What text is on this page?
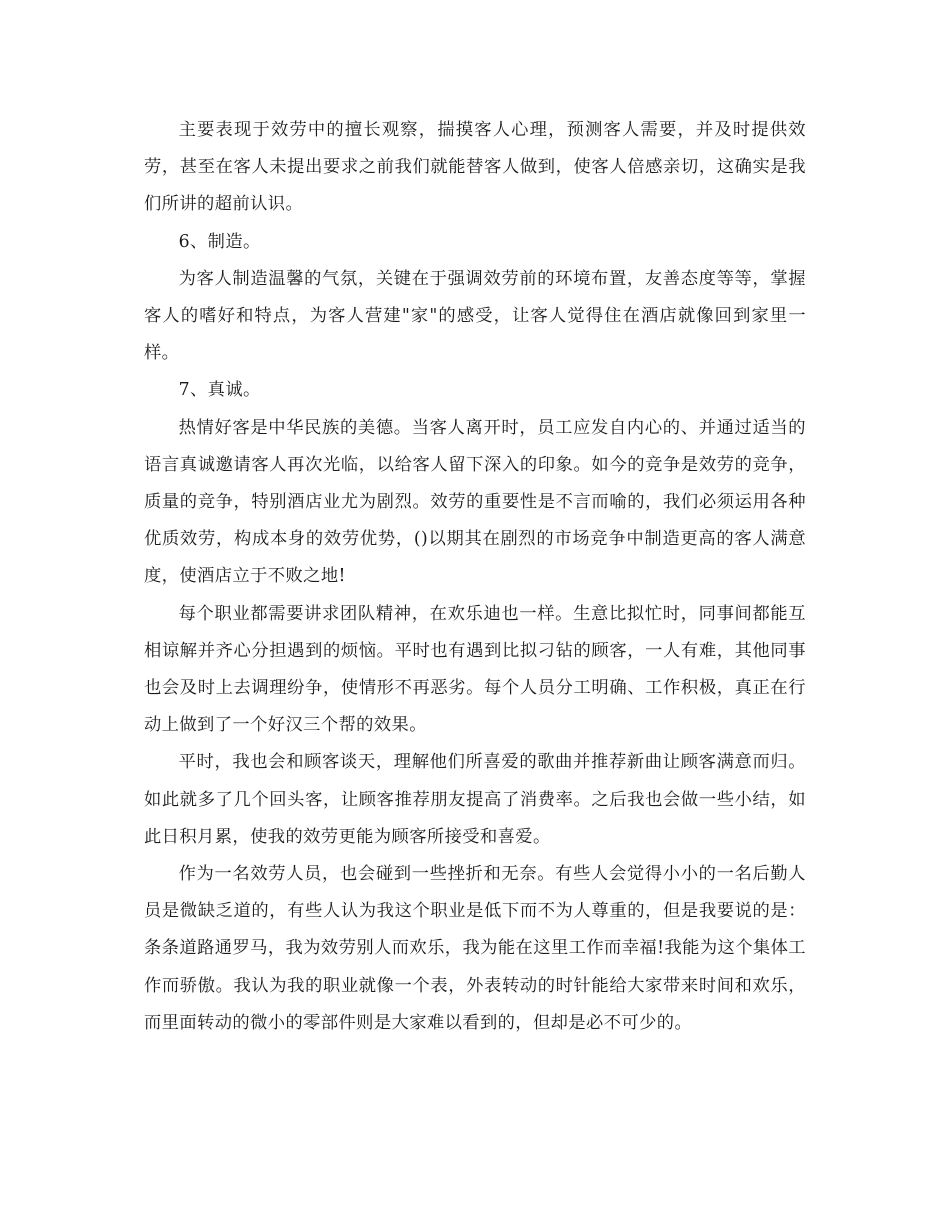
主要表现于效劳中的擅长观察，揣摸客人心理，预测客人需要，并及时提供效劳，甚至在客人未提出要求之前我们就能替客人做到，使客人倍感亲切，这确实是我们所讲的超前认识。

6、制造。

为客人制造温馨的气氛，关键在于强调效劳前的环境布置，友善态度等等，掌握客人的嗜好和特点，为客人营建"家"的感受，让客人觉得住在酒店就像回到家里一样。

7、真诚。

热情好客是中华民族的美德。当客人离开时，员工应发自内心的、并通过适当的语言真诚邀请客人再次光临，以给客人留下深入的印象。如今的竞争是效劳的竞争，质量的竞争，特别酒店业尤为剧烈。效劳的重要性是不言而喻的，我们必须运用各种优质效劳，构成本身的效劳优势，()以期其在剧烈的市场竞争中制造更高的客人满意度，使酒店立于不败之地!

每个职业都需要讲求团队精神，在欢乐迪也一样。生意比拟忙时，同事间都能互相谅解并齐心分担遇到的烦恼。平时也有遇到比拟刁钻的顾客，一人有难，其他同事也会及时上去调理纷争，使情形不再恶劣。每个人员分工明确、工作积极，真正在行动上做到了一个好汉三个帮的效果。

平时，我也会和顾客谈天，理解他们所喜爱的歌曲并推荐新曲让顾客满意而归。如此就多了几个回头客，让顾客推荐朋友提高了消费率。之后我也会做一些小结，如此日积月累，使我的效劳更能为顾客所接受和喜爱。

作为一名效劳人员，也会碰到一些挫折和无奈。有些人会觉得小小的一名后勤人员是微缺乏道的，有些人认为我这个职业是低下而不为人尊重的，但是我要说的是：条条道路通罗马，我为效劳别人而欢乐，我为能在这里工作而幸福!我能为这个集体工作而骄傲。我认为我的职业就像一个表，外表转动的时针能给大家带来时间和欢乐，而里面转动的微小的零部件则是大家难以看到的，但却是必不可少的。
